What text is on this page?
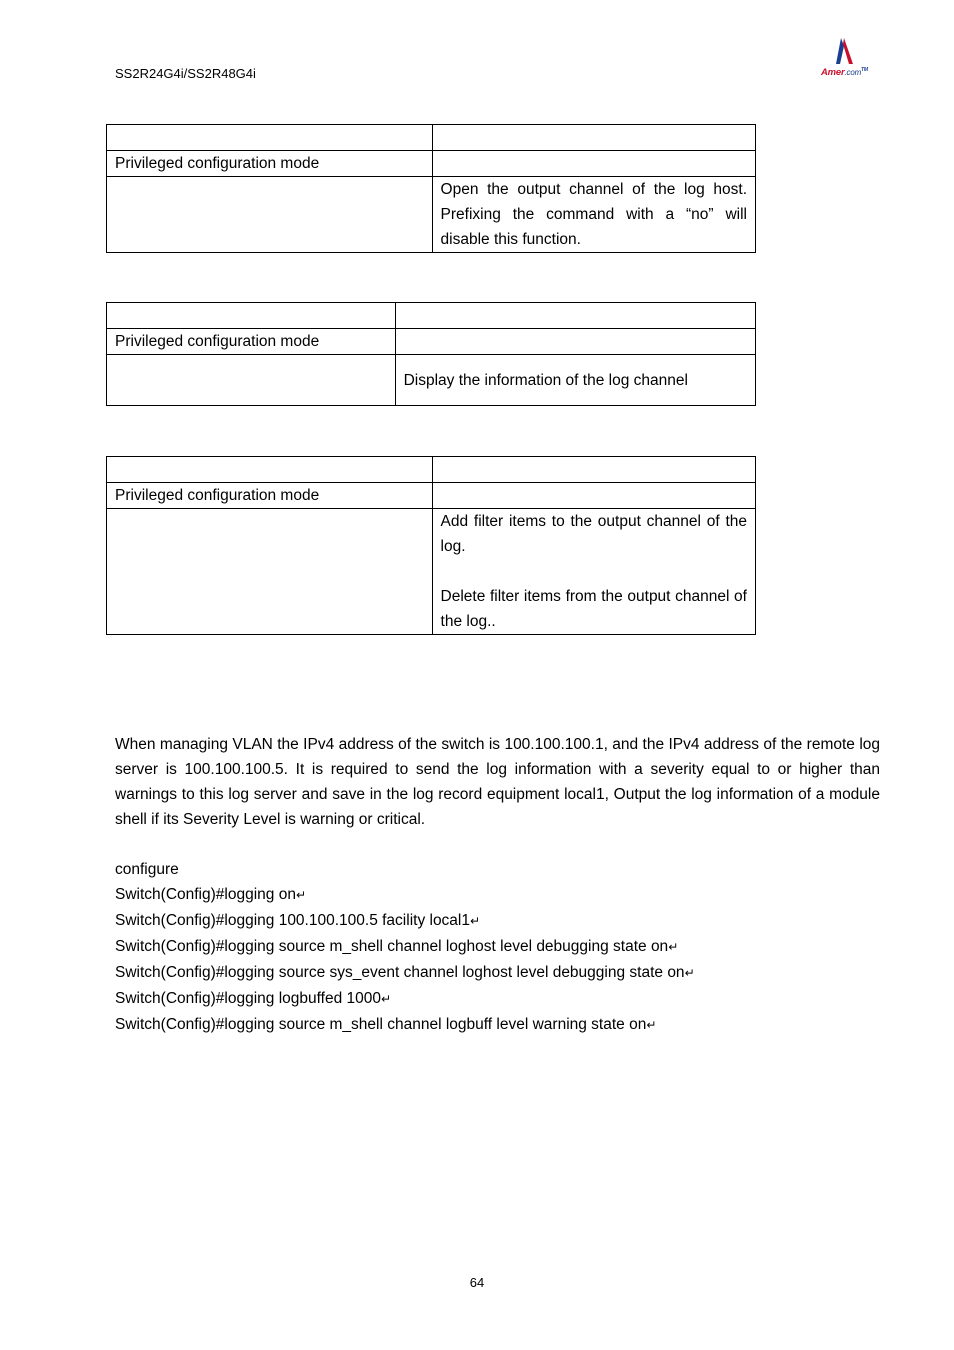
SS2R24G4i/SS2R48G4i	Amer.com™

Privileged configuration mode	
	Open the output channel of the log host. Prefixing the command with a “no” will disable this function.

Privileged configuration mode	
	Display the information of the log channel

Privileged configuration mode	

	Add filter items to the output channel of the log.
Delete filter items from the output channel of the log..
When managing VLAN the IPv4 address of the switch is 100.100.100.1, and the IPv4 address of the remote log server is 100.100.100.5. It is required to send the log information with a severity equal to or higher than warnings to this log server and save in the log record equipment local1, Output the log information of a module shell if its Severity Level is warning or critical.
configure
Switch(Config)#logging on↵
Switch(Config)#logging 100.100.100.5 facility local1↵
Switch(Config)#logging source m_shell channel loghost level debugging state on↵
Switch(Config)#logging source sys_event channel loghost level debugging state on↵
Switch(Config)#logging logbuffed 1000↵
Switch(Config)#logging source m_shell channel logbuff level warning state on↵
64
